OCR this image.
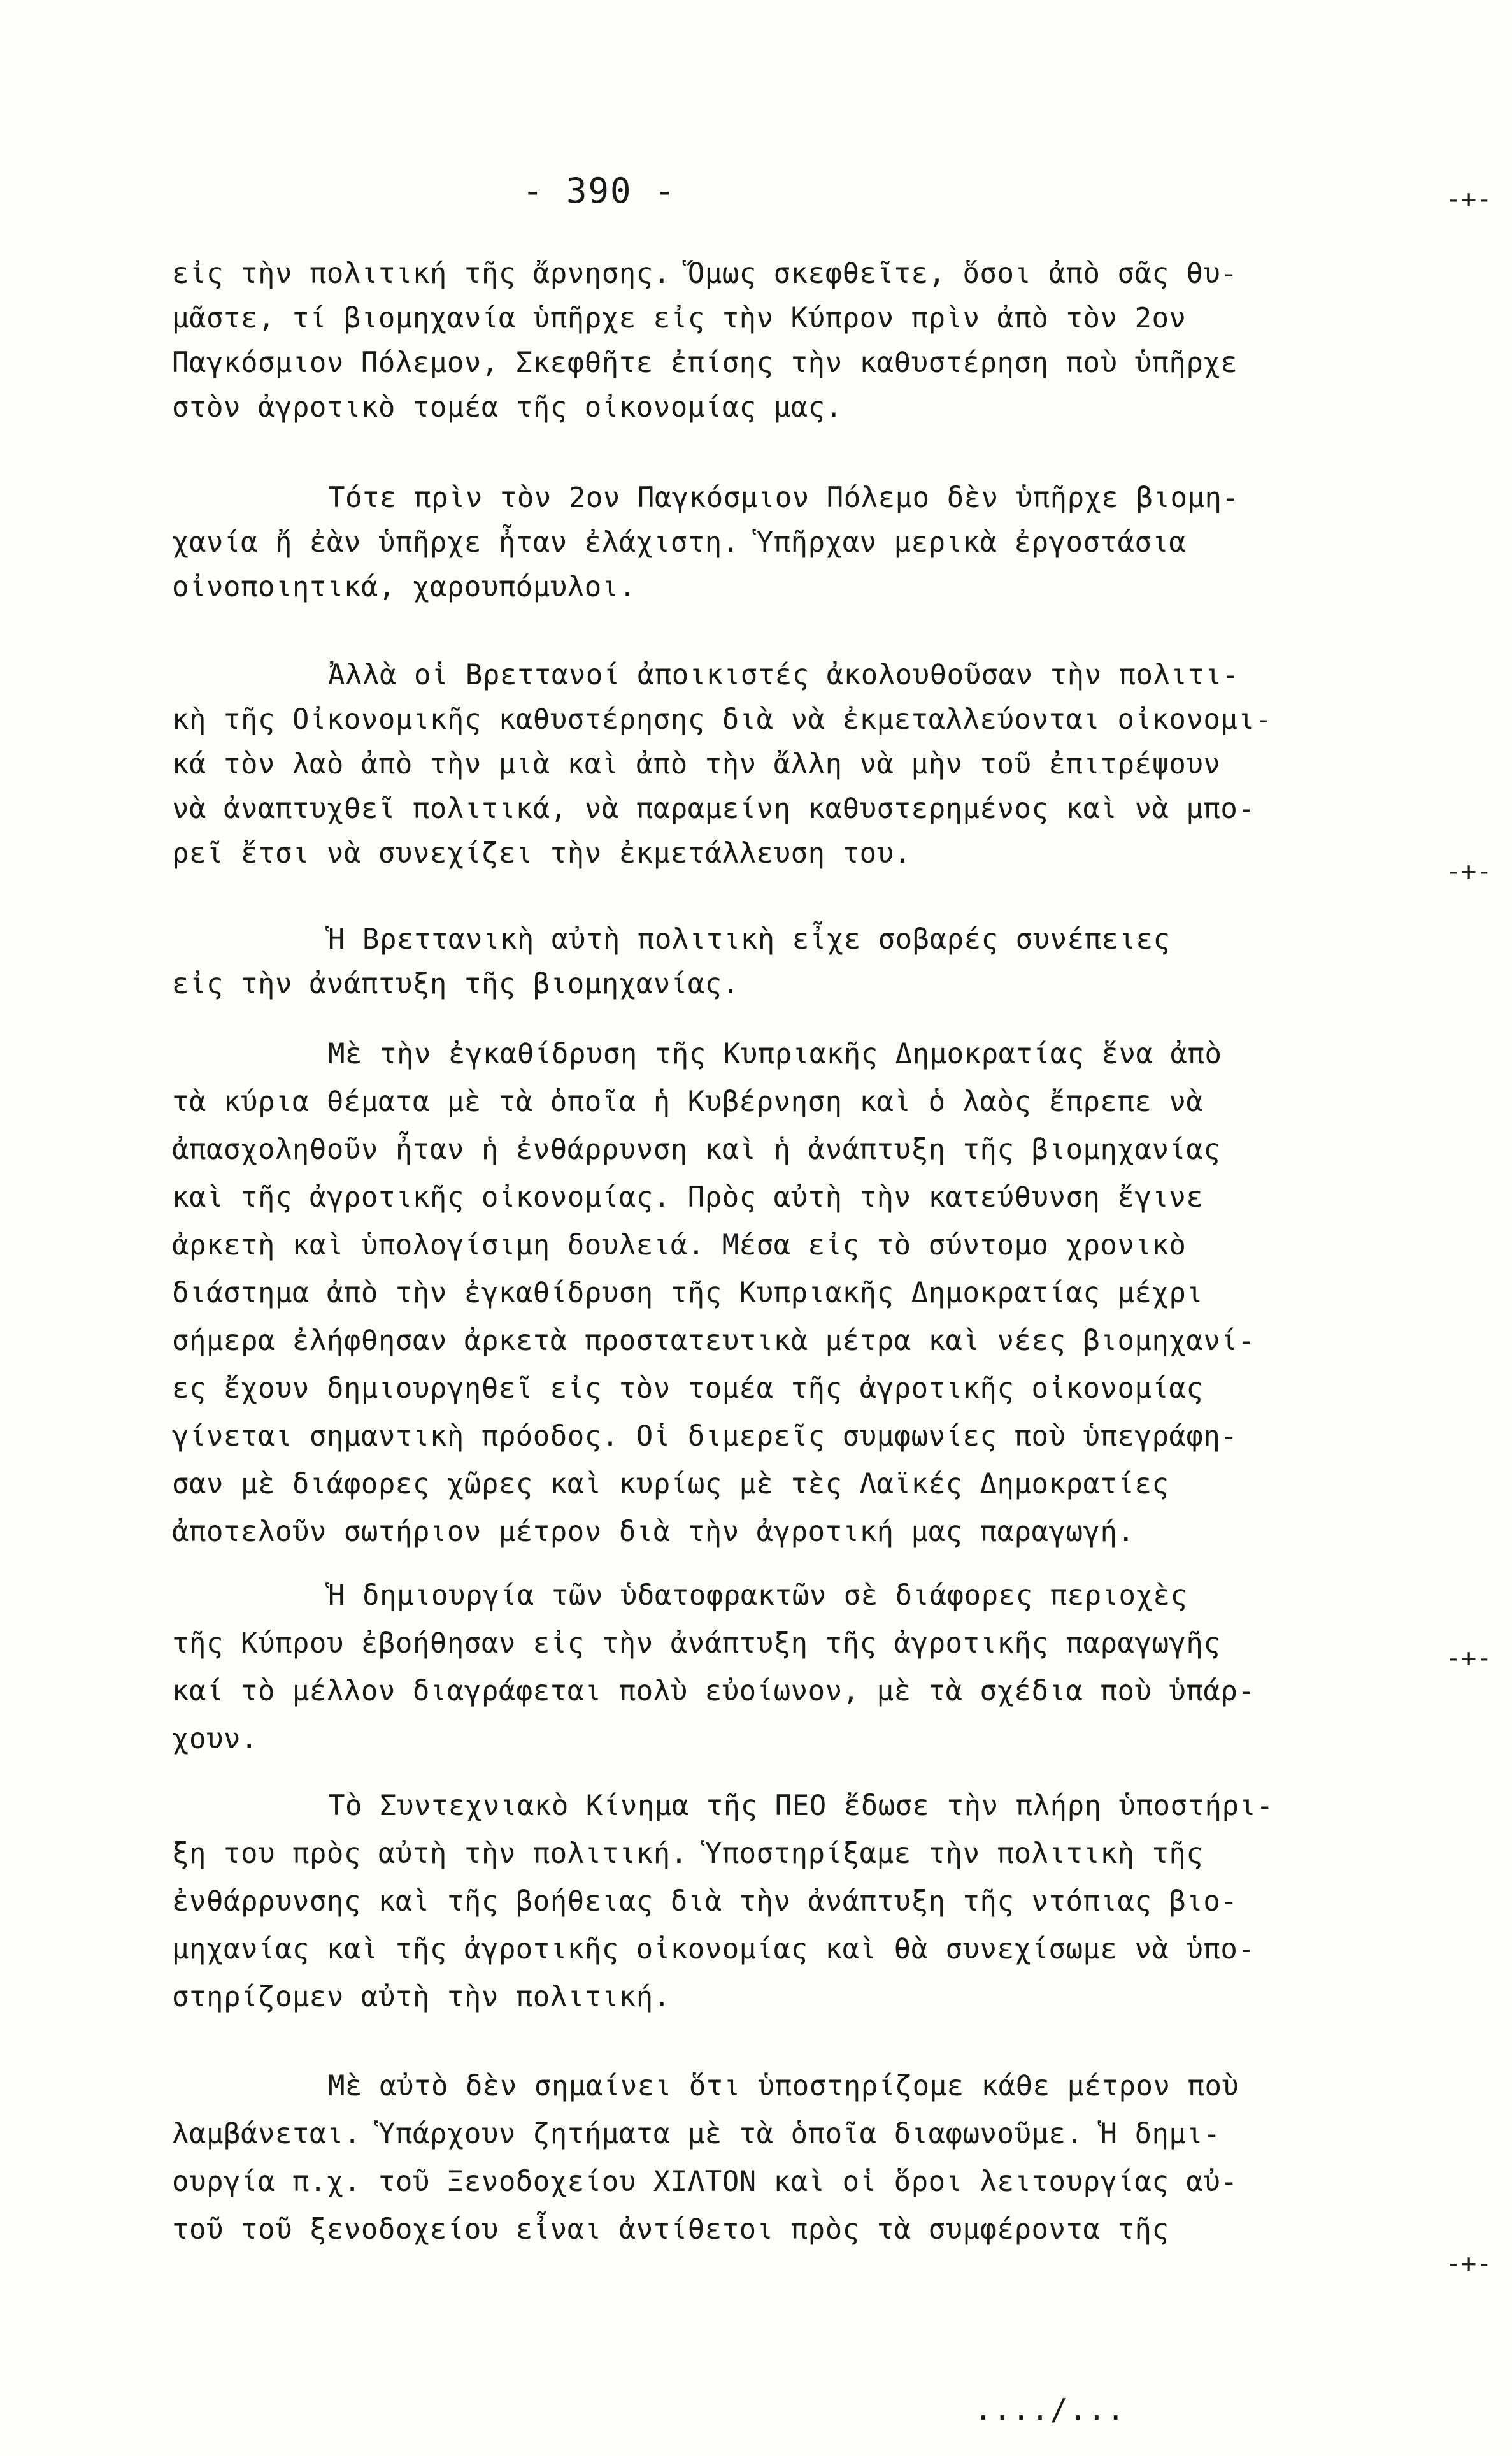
- 390 -
εἰς τὴν πολιτική τῆς ἄρνησης. Ὅμως σκεφθεῖτε, ὅσοι ἀπὸ σᾶς θυ-
μᾶστε, τί βιομηχανία ὑπῆρχε εἰς τὴν Κύπρον πρὶν ἀπὸ τὸν 2ον
Παγκόσμιον Πόλεμον, Σκεφθῆτε ἐπίσης τὴν καθυστέρηση ποὺ ὑπῆρχε
στὸν ἀγροτικὸ τομέα τῆς οἰκονομίας μας.
Τότε πρὶν τὸν 2ον Παγκόσμιον Πόλεμο δὲν ὑπῆρχε βιομη-
χανία ἤ ἐὰν ὑπῆρχε ἦταν ἐλάχιστη. Ὑπῆρχαν μερικὰ ἐργοστάσια
οἰνοποιητικά, χαρουπόμυλοι.
Ἀλλὰ οἱ Βρεττανοί ἀποικιστές ἀκολουθοῦσαν τὴν πολιτι-
κὴ τῆς Οἰκονομικῆς καθυστέρησης διὰ νὰ ἐκμεταλλεύονται οἰκονομι-
κά τὸν λαὸ ἀπὸ τὴν μιὰ καὶ ἀπὸ τὴν ἄλλη νὰ μὴν τοῦ ἐπιτρέψουν
νὰ ἀναπτυχθεῖ πολιτικά, νὰ παραμείνη καθυστερημένος καὶ νὰ μπο-
ρεῖ ἔτσι νὰ συνεχίζει τὴν ἐκμετάλλευση του.
Ἡ Βρεττανικὴ αὐτὴ πολιτικὴ εἶχε σοβαρές συνέπειες
εἰς τὴν ἀνάπτυξη τῆς βιομηχανίας.
Μὲ τὴν ἐγκαθίδρυση τῆς Κυπριακῆς Δημοκρατίας ἕνα ἀπὸ
τὰ κύρια θέματα μὲ τὰ ὁποῖα ἡ Κυβέρνηση καὶ ὁ λαὸς ἔπρεπε νὰ
ἀπασχοληθοῦν ἦταν ἡ ἐνθάρρυνση καὶ ἡ ἀνάπτυξη τῆς βιομηχανίας
καὶ τῆς ἀγροτικῆς οἰκονομίας. Πρὸς αὐτὴ τὴν κατεύθυνση ἔγινε
ἀρκετὴ καὶ ὑπολογίσιμη δουλειά. Μέσα εἰς τὸ σύντομο χρονικὸ
διάστημα ἀπὸ τὴν ἐγκαθίδρυση τῆς Κυπριακῆς Δημοκρατίας μέχρι
σήμερα ἐλήφθησαν ἀρκετὰ προστατευτικὰ μέτρα καὶ νέες βιομηχανί-
ες ἔχουν δημιουργηθεῖ εἰς τὸν τομέα τῆς ἀγροτικῆς οἰκονομίας
γίνεται σημαντικὴ πρόοδος. Οἱ διμερεῖς συμφωνίες ποὺ ὑπεγράφη-
σαν μὲ διάφορες χῶρες καὶ κυρίως μὲ τὲς Λαϊκές Δημοκρατίες
ἀποτελοῦν σωτήριον μέτρον διὰ τὴν ἀγροτική μας παραγωγή.
Ἡ δημιουργία τῶν ὑδατοφρακτῶν σὲ διάφορες περιοχὲς
τῆς Κύπρου ἐβοήθησαν εἰς τὴν ἀνάπτυξη τῆς ἀγροτικῆς παραγωγῆς
καί τὸ μέλλον διαγράφεται πολὺ εὐοίωνον, μὲ τὰ σχέδια ποὺ ὑπάρ-
χουν.
Τὸ Συντεχνιακὸ Κίνημα τῆς ΠΕΟ ἔδωσε τὴν πλήρη ὑποστήρι-
ξη του πρὸς αὐτὴ τὴν πολιτική. Ὑποστηρίξαμε τὴν πολιτικὴ τῆς
ἐνθάρρυνσης καὶ τῆς βοήθειας διὰ τὴν ἀνάπτυξη τῆς ντόπιας βιο-
μηχανίας καὶ τῆς ἀγροτικῆς οἰκονομίας καὶ θὰ συνεχίσωμε νὰ ὑπο-
στηρίζομεν αὐτὴ τὴν πολιτική.
Μὲ αὐτὸ δὲν σημαίνει ὅτι ὑποστηρίζομε κάθε μέτρον ποὺ
λαμβάνεται. Ὑπάρχουν ζητήματα μὲ τὰ ὁποῖα διαφωνοῦμε. Ἡ δημι-
ουργία π.χ. τοῦ Ξενοδοχείου ΧΙΛΤΟΝ καὶ οἱ ὅροι λειτουργίας αὐ-
τοῦ τοῦ ξενοδοχείου εἶναι ἀντίθετοι πρὸς τὰ συμφέροντα τῆς
..../...
-+-
-+-
-+-
-+-
